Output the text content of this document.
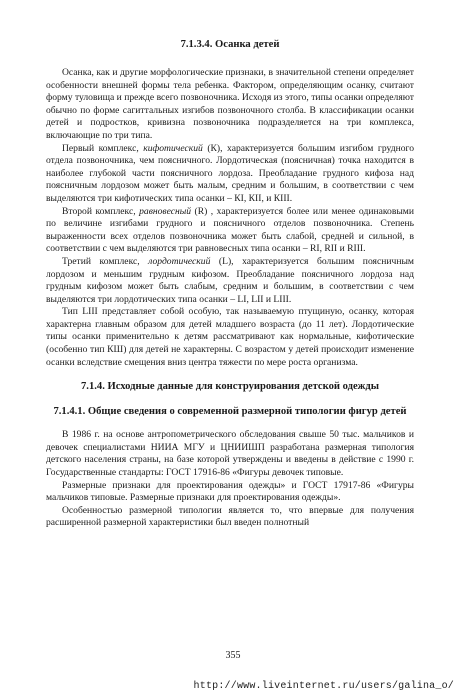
7.1.3.4. Осанка детей

Осанка, как и другие морфологические признаки, в значительной степени определяет особенности внешней формы тела ребенка. Фактором, определяющим осанку, считают форму туловища и прежде всего позвоночника. Исходя из этого, типы осанки определяют обычно по форме сагиттальных изгибов позвоночного столба. В классификации осанки детей и подростков, кривизна позвоночника подразделяется на три комплекса, включающие по три типа.

Первый комплекс, кифотический (К), характеризуется большим изгибом грудного отдела позвоночника, чем поясничного. Лордотическая (поясничная) точка находится в наиболее глубокой части поясничного лордоза. Преобладание грудного кифоза над поясничным лордозом может быть малым, средним и большим, в соответствии с чем выделяются три кифотических типа осанки – КI, КII, и КIII.

Второй комплекс, равновесный (R) , характеризуется более или менее одинаковыми по величине изгибами грудного и поясничного отделов позвоночника. Степень выраженности всех отделов позвоночника может быть слабой, средней и сильной, в соответствии с чем выделяются три равновесных типа осанки – RI, RII и RIII.

Третий комплекс, лордотический (L), характеризуется большим поясничным лордозом и меньшим грудным кифозом. Преобладание поясничного лордоза над грудным кифозом может быть слабым, средним и большим, в соответствии с чем выделяются три лордотических типа осанки – LI, LII и LIII.

Тип LIII представляет собой особую, так называемую птущиную, осанку, которая характерна главным образом для детей младшего возраста (до 11 лет). Лордотические типы осанки применительно к детям рассматривают как нормальные, кифотические (особенно тип КШ) для детей не характерны. С возрастом у детей происходит изменение осанки вследствие смещения вниз центра тяжести по мере роста организма.

7.1.4. Исходные данные для конструирования детской одежды

7.1.4.1. Общие сведения о современной размерной типологии фигур детей

В 1986 г. на основе антропометрического обследования свыше 50 тыс. мальчиков и девочек специалистами НИИА МГУ и ЦНИИШП разработана размерная типология детского населения страны, на базе которой утверждены и введены в действие с 1990 г. Государственные стандарты: ГОСТ 17916-86 «Фигуры девочек типовые.

Размерные признаки для проектирования одежды» и ГОСТ 17917-86 «Фигуры мальчиков типовые. Размерные признаки для проектирования одежды».

Особенностью размерной типологии является то, что впервые для получения расширенной размерной характеристики был введен полнотный

355
http://www.liveinternet.ru/users/galina_o/
